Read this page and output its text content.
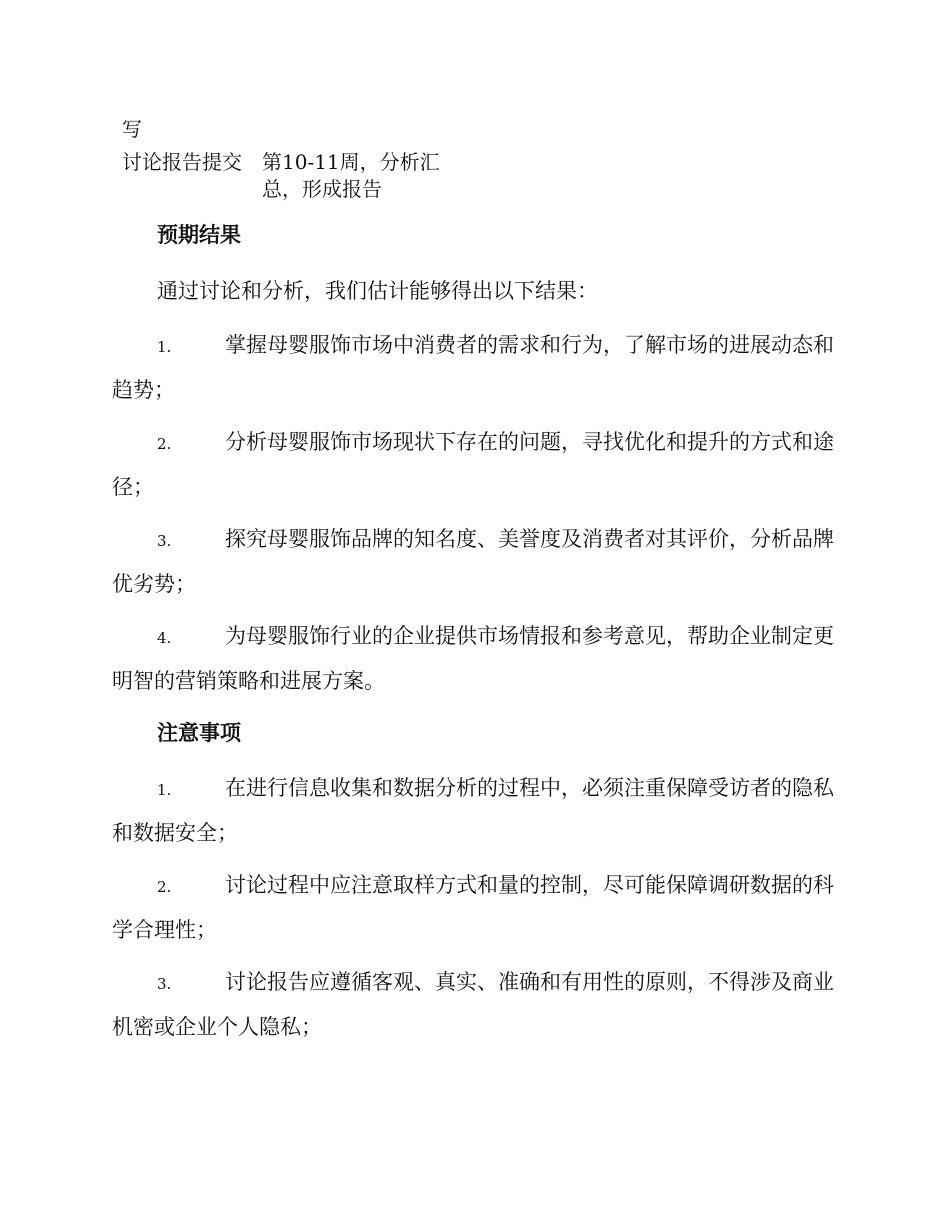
写
讨论报告提交	第10-11周，分析汇总，形成报告
预期结果
通过讨论和分析，我们估计能够得出以下结果：
1.	掌握母婴服饰市场中消费者的需求和行为，了解市场的进展动态和趋势；
2.	分析母婴服饰市场现状下存在的问题，寻找优化和提升的方式和途径；
3.	探究母婴服饰品牌的知名度、美誉度及消费者对其评价，分析品牌优劣势；
4.	为母婴服饰行业的企业提供市场情报和参考意见，帮助企业制定更明智的营销策略和进展方案。
注意事项
1.	在进行信息收集和数据分析的过程中，必须注重保障受访者的隐私和数据安全；
2.	讨论过程中应注意取样方式和量的控制，尽可能保障调研数据的科学合理性；
3.	讨论报告应遵循客观、真实、准确和有用性的原则，不得涉及商业机密或企业个人隐私；
